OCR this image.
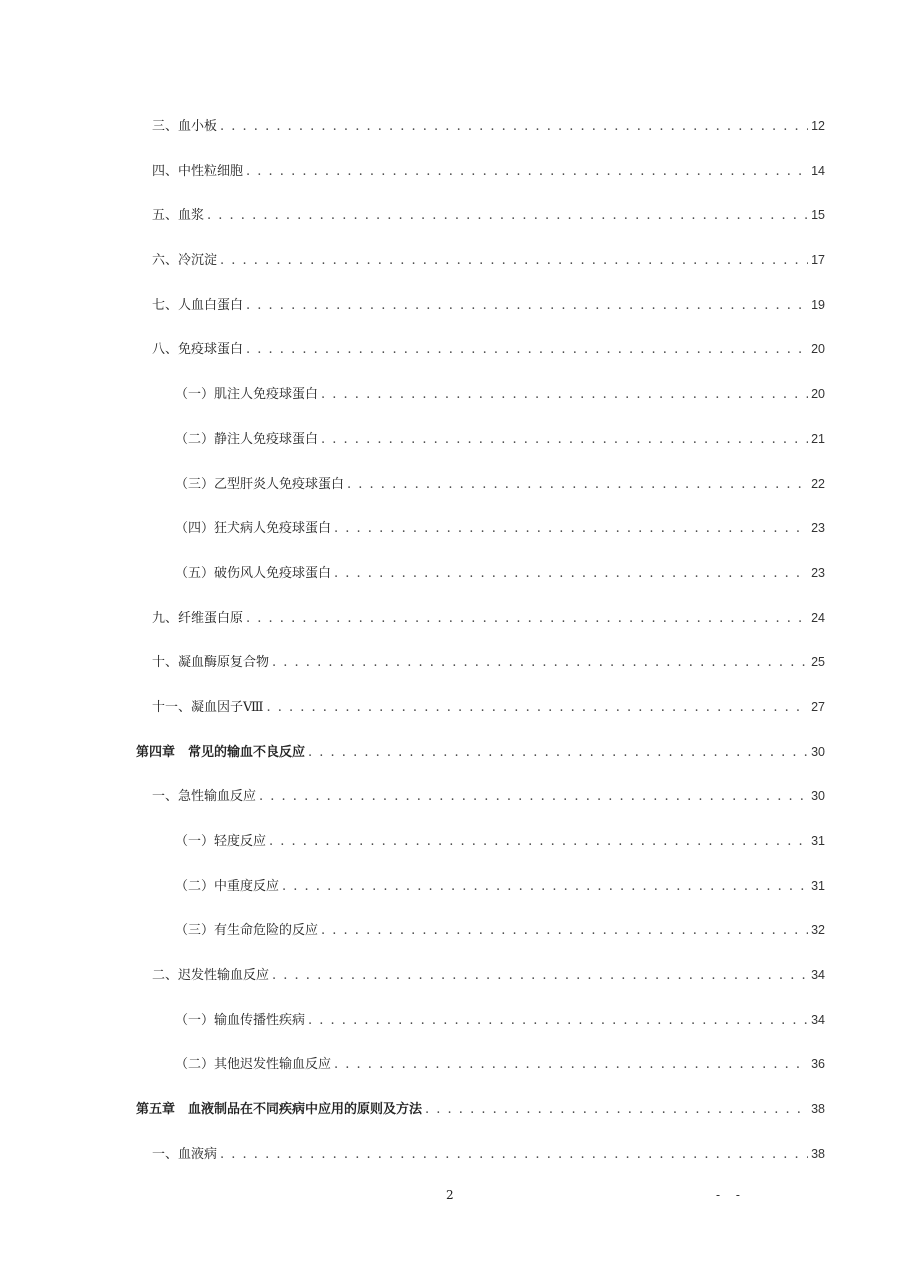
三、血小板 . . .	12
四、中性粒细胞 . . .	14
五、血浆 . . .	15
六、冷沉淀 . . .	17
七、人血白蛋白 . . .	19
八、免疫球蛋白 . . .	20
（一）肌注人免疫球蛋白 . . .	20
（二）静注人免疫球蛋白 . . .	21
（三）乙型肝炎人免疫球蛋白 . . .	22
（四）狂犬病人免疫球蛋白 . . .	23
（五）破伤风人免疫球蛋白 . . .	23
九、纤维蛋白原 . . .	24
十、凝血酶原复合物 . . .	25
十一、凝血因子Ⅷ . . .	27
第四章　常见的输血不良反应 . . .	30
一、急性输血反应 . . .	30
（一）轻度反应 . . .	31
（二）中重度反应 . . .	31
（三）有生命危险的反应 . . .	32
二、迟发性输血反应 . . .	34
（一）输血传播性疾病 . . .	34
（二）其他迟发性输血反应 . . .	36
第五章　血液制品在不同疾病中应用的原则及方法 . . .	38
一、血液病 . . .	38
2	- -
